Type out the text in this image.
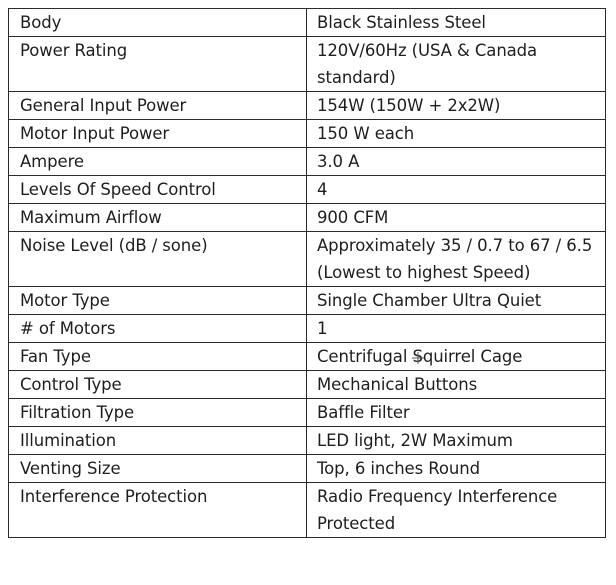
Body	Black Stainless Steel
Power Rating	120V/60Hz (USA & Canada standard)
General Input Power	154W (150W + 2x2W)
Motor Input Power	150 W each
Ampere	3.0 A
Levels Of Speed Control	4
Maximum Airflow	900 CFM
Noise Level (dB / sone)	Approximately 35 / 0.7 to 67 / 6.5 (Lowest to highest Speed)
Motor Type	Single Chamber Ultra Quiet
# of Motors	1
Fan Type	Centrifugal Squirrel Cage
Control Type	Mechanical Buttons
Filtration Type	Baffle Filter
Illumination	LED light, 2W Maximum
Venting Size	Top, 6 inches Round
Interference Protection	Radio Frequency Interference Protected
